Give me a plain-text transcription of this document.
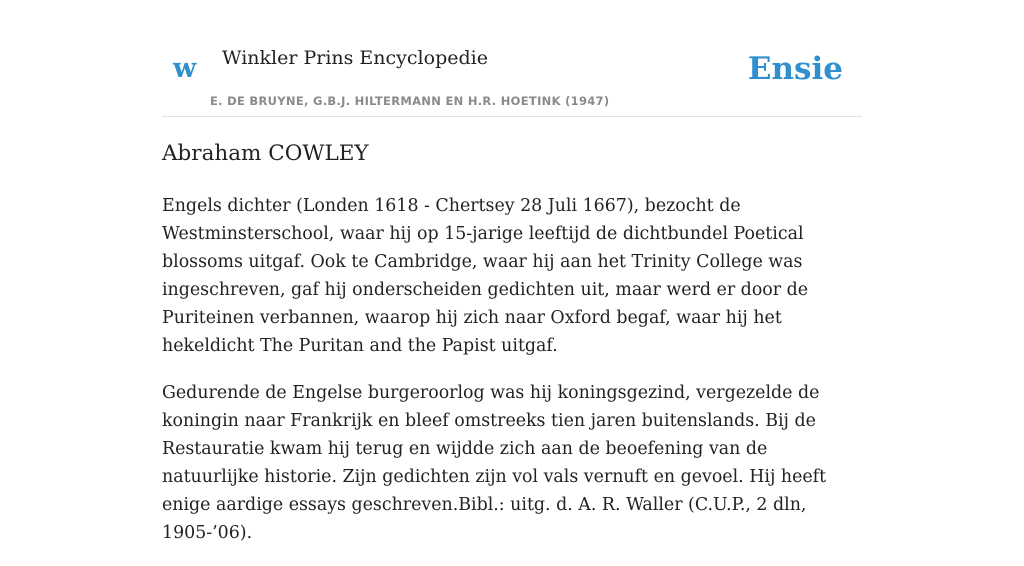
w Winkler Prins Encyclopedie
E. DE BRUYNE, G.B.J. HILTERMANN EN H.R. HOETINK (1947)
Ensie
Abraham COWLEY

Engels dichter (Londen 1618 - Chertsey 28 Juli 1667), bezocht de Westminsterschool, waar hij op 15-jarige leeftijd de dichtbundel Poetical blossoms uitgaf. Ook te Cambridge, waar hij aan het Trinity College was ingeschreven, gaf hij onderscheiden gedichten uit, maar werd er door de Puriteinen verbannen, waarop hij zich naar Oxford begaf, waar hij het hekeldicht The Puritan and the Papist uitgaf.

Gedurende de Engelse burgeroorlog was hij koningsgezind, vergezelde de koningin naar Frankrijk en bleef omstreeks tien jaren buitenslands. Bij de Restauratie kwam hij terug en wijdde zich aan de beoefening van de natuurlijke historie. Zijn gedichten zijn vol vals vernuft en gevoel. Hij heeft enige aardige essays geschreven.Bibl.: uitg. d. A. R. Waller (C.U.P., 2 dln, 1905-’06).
